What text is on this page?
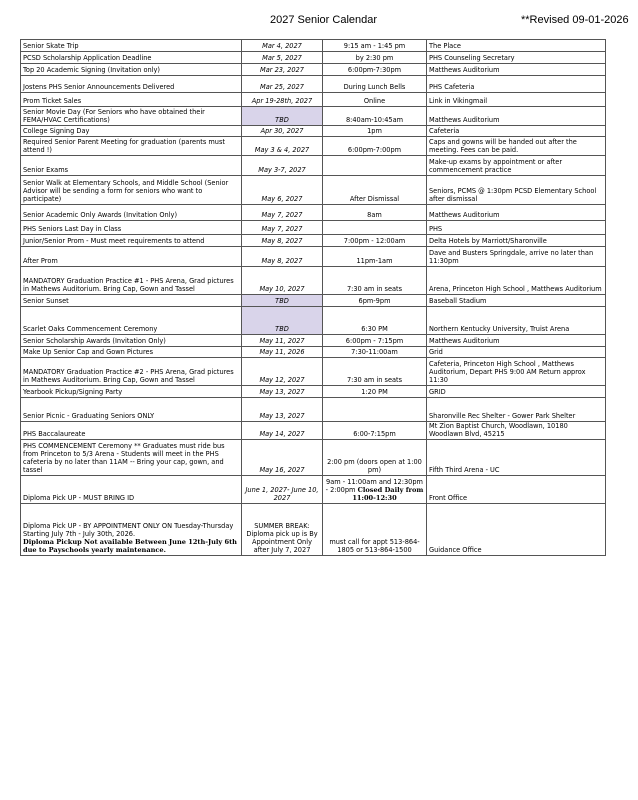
2027 Senior Calendar	**Revised 09-01-2026
Senior Skate Trip	Mar 4, 2027	9:15 am - 1:45 pm	The Place
PCSD Scholarship Application Deadline	Mar 5, 2027	by 2:30 pm	PHS Counseling Secretary
Top 20 Academic Signing (Invitation only)	Mar 23, 2027	6:00pm-7:30pm	Matthews Auditorium
Jostens PHS Senior Announcements Delivered	Mar 25, 2027	During Lunch Bells	PHS Cafeteria
Prom Ticket Sales	Apr 19-28th, 2027	Online	Link in Vikingmail
Senior Movie Day (For Seniors who have obtained their FEMA/HVAC Certifications)	TBD	8:40am-10:45am	Matthews Auditorium
College Signing Day	Apr 30, 2027	1pm	Cafeteria
Required Senior Parent Meeting for graduation (parents must attend !)	May 3 & 4, 2027	6:00pm-7:00pm	Caps and gowns will be handed out after the meeting. Fees can be paid.
Senior Exams	May 3-7, 2027		Make-up exams by appointment or after commencement practice
Senior Walk at Elementary Schools, and Middle School (Senior Advisor will be sending a form for seniors who want to participate)	May 6, 2027	After Dismissal	Seniors, PCMS @ 1:30pm PCSD Elementary School after dismissal
Senior Academic Only Awards (Invitation Only)	May 7, 2027	8am	Matthews Auditorium
PHS Seniors Last Day in Class	May 7, 2027		PHS
Junior/Senior Prom - Must meet requirements to attend	May 8, 2027	7:00pm - 12:00am	Delta Hotels by Marriott/Sharonville
After Prom	May 8, 2027	11pm-1am	Dave and Busters Springdale, arrive no later than 11:30pm
MANDATORY Graduation Practice #1 - PHS Arena, Grad pictures in Mathews Auditorium. Bring Cap, Gown and Tassel	May 10, 2027	7:30 am in seats	Arena, Princeton High School , Matthews Auditorium
Senior Sunset	TBD	6pm-9pm	Baseball Stadium
Scarlet Oaks Commencement Ceremony	TBD	6:30 PM	Northern Kentucky University, Truist Arena
Senior Scholarship Awards (Invitation Only)	May 11, 2027	6:00pm - 7:15pm	Matthews Auditorium
Make Up Senior Cap and Gown Pictures	May 11, 2026	7:30-11:00am	Grid
MANDATORY Graduation Practice #2 - PHS Arena, Grad pictures in Mathews Auditorium. Bring Cap, Gown and Tassel	May 12, 2027	7:30 am in seats	Cafeteria, Princeton High School , Matthews Auditorium, Depart PHS 9:00 AM Return approx 11:30
Yearbook Pickup/Signing Party	May 13, 2027	1:20 PM	GRID
Senior Picnic - Graduating Seniors ONLY	May 13, 2027		Sharonville Rec Shelter - Gower Park Shelter
PHS Baccalaureate	May 14, 2027	6:00-7:15pm	Mt Zion Baptist Church, Woodlawn, 10180 Woodlawn Blvd, 45215
PHS COMMENCEMENT Ceremony ** Graduates must ride bus from Princeton to 5/3 Arena - Students will meet in the PHS cafeteria by no later than 11AM -- Bring your cap, gown, and tassel	May 16, 2027	2:00 pm (doors open at 1:00 pm)	Fifth Third Arena - UC
Diploma Pick UP - MUST BRING ID	June 1, 2027- June 10, 2027	9am - 11:00am and 12:30pm - 2:00pm Closed Daily from 11:00-12:30	Front Office

Diploma Pick UP - BY APPOINTMENT ONLY ON Tuesday-Thursday Starting July 7th - July 30th, 2026.
Diploma Pickup Not available Between June 12th-July 6th due to Payschools yearly maintenance.	SUMMER BREAK: Diploma pick up is By Appointment Only after July 7, 2027	must call for appt 513-864-1805 or 513-864-1500	Guidance Office
